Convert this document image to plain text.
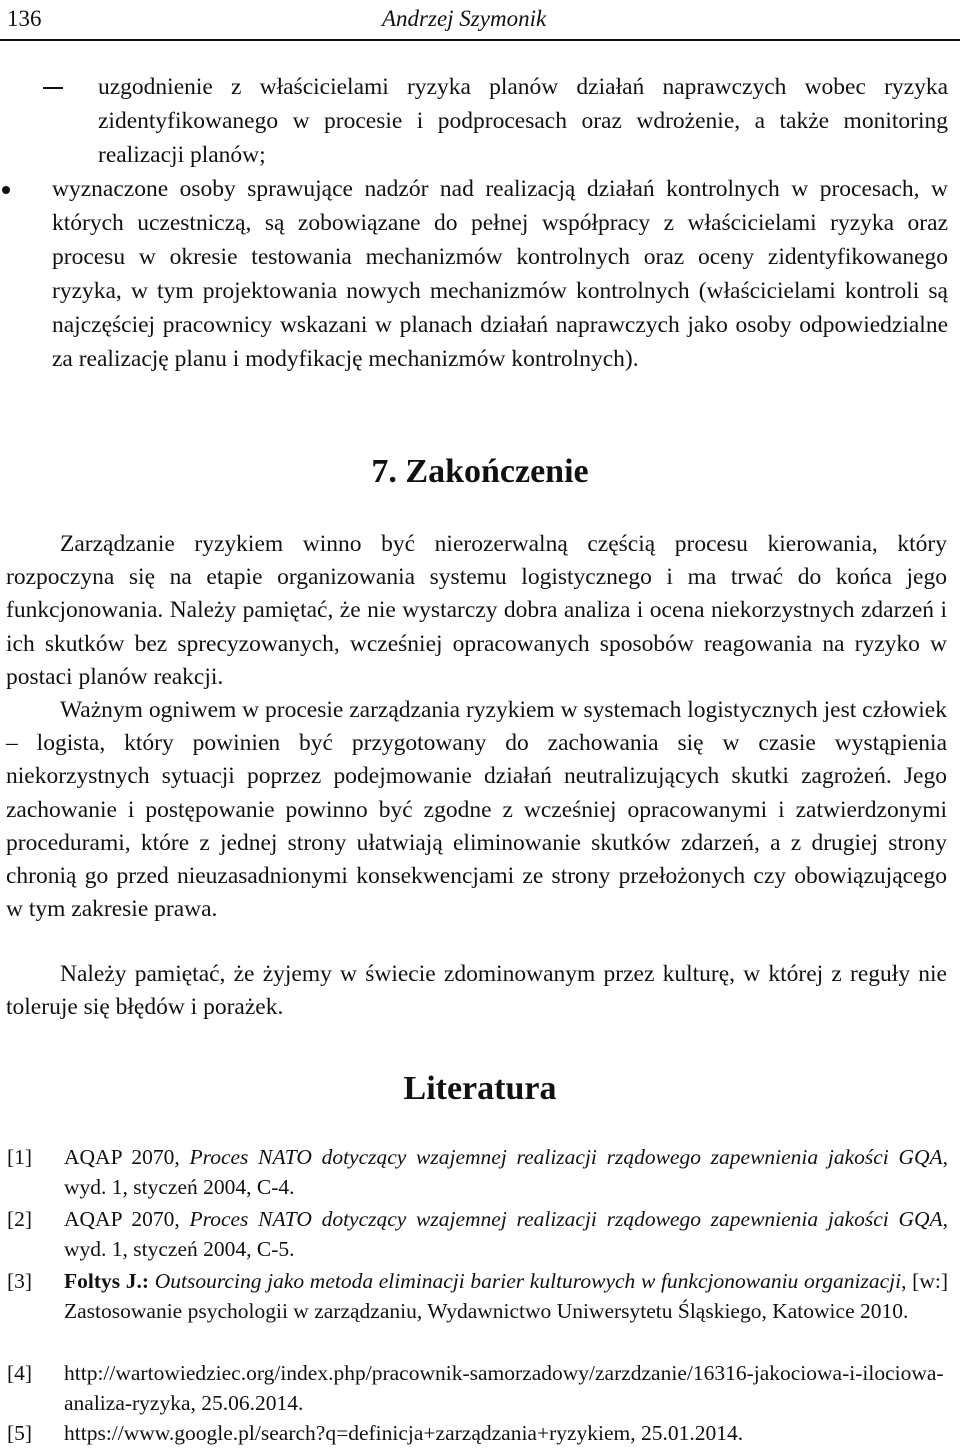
136	Andrzej Szymonik
uzgodnienie z właścicielami ryzyka planów działań naprawczych wobec ryzyka zidentyfikowanego w procesie i podprocesach oraz wdrożenie, a także monitoring realizacji planów;
wyznaczone osoby sprawujące nadzór nad realizacją działań kontrolnych w procesach, w których uczestniczą, są zobowiązane do pełnej współpracy z właścicielami ryzyka oraz procesu w okresie testowania mechanizmów kontrolnych oraz oceny zidentyfikowanego ryzyka, w tym projektowania nowych mechanizmów kontrolnych (właścicielami kontroli są najczęściej pracownicy wskazani w planach działań naprawczych jako osoby odpowiedzialne za realizację planu i modyfikację mechanizmów kontrolnych).
7. Zakończenie
Zarządzanie ryzykiem winno być nierozerwalną częścią procesu kierowania, który rozpoczyna się na etapie organizowania systemu logistycznego i ma trwać do końca jego funkcjonowania. Należy pamiętać, że nie wystarczy dobra analiza i ocena niekorzystnych zdarzeń i ich skutków bez sprecyzowanych, wcześniej opracowanych sposobów reagowania na ryzyko w postaci planów reakcji.
Ważnym ogniwem w procesie zarządzania ryzykiem w systemach logistycznych jest człowiek – logista, który powinien być przygotowany do zachowania się w czasie wystąpienia niekorzystnych sytuacji poprzez podejmowanie działań neutralizujących skutki zagrożeń. Jego zachowanie i postępowanie powinno być zgodne z wcześniej opracowanymi i zatwierdzonymi procedurami, które z jednej strony ułatwiają eliminowanie skutków zdarzeń, a z drugiej strony chronią go przed nieuzasadnionymi konsekwencjami ze strony przełożonych czy obowiązującego w tym zakresie prawa.
Należy pamiętać, że żyjemy w świecie zdominowanym przez kulturę, w której z reguły nie toleruje się błędów i porażek.
Literatura
[1] AQAP 2070, Proces NATO dotyczący wzajemnej realizacji rządowego zapewnienia jakości GQA, wyd. 1, styczeń 2004, C-4.
[2] AQAP 2070, Proces NATO dotyczący wzajemnej realizacji rządowego zapewnienia jakości GQA, wyd. 1, styczeń 2004, C-5.
[3] Foltys J.: Outsourcing jako metoda eliminacji barier kulturowych w funkcjonowaniu organizacji, [w:] Zastosowanie psychologii w zarządzaniu, Wydawnictwo Uniwersytetu Śląskiego, Katowice 2010.
[4] http://wartowiedziec.org/index.php/pracownik-samorzadowy/zarzdzanie/16316-jakociowa-i-ilociowa-analiza-ryzyka, 25.06.2014.
[5] https://www.google.pl/search?q=definicja+zarządzania+ryzykiem, 25.01.2014.
